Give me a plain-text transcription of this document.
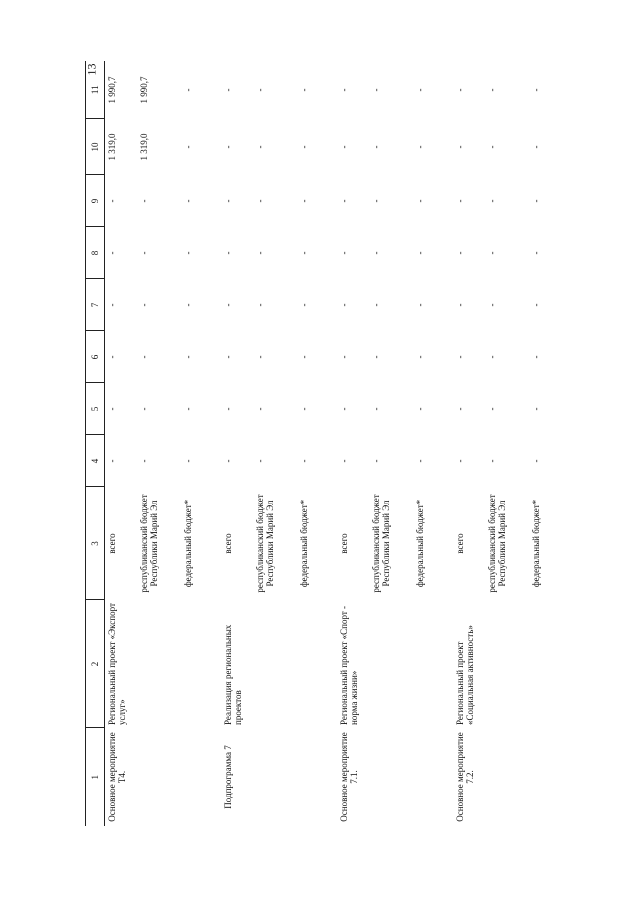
13
1	2	3	4	5	6	7	8	9	10	11
Основное мероприятие T4.	Региональный проект «Экспорт услуг»	всего	-	-	-	-	-	-	1 319,0	1 990,7
		республиканский бюджет Республики Марий Эл	-	-	-	-	-	-	1 319,0	1 990,7
		федеральный бюджет*	-	-	-	-	-	-	-	-
Подпрограмма 7	Реализация региональных проектов	всего	-	-	-	-	-	-	-	-
		республиканский бюджет Республики Марий Эл	-	-	-	-	-	-	-	-
		федеральный бюджет*	-	-	-	-	-	-	-	-
Основное мероприятие 7.1.	Региональный проект «Спорт - норма жизни»	всего	-	-	-	-	-	-	-	-
		республиканский бюджет Республики Марий Эл	-	-	-	-	-	-	-	-
		федеральный бюджет*	-	-	-	-	-	-	-	-
Основное мероприятие 7.2.	Региональный проект «Социальная активность»	всего	-	-	-	-	-	-	-	-
		республиканский бюджет Республики Марий Эл	-	-	-	-	-	-	-	-
		федеральный бюджет*	-	-	-	-	-	-	-	-
